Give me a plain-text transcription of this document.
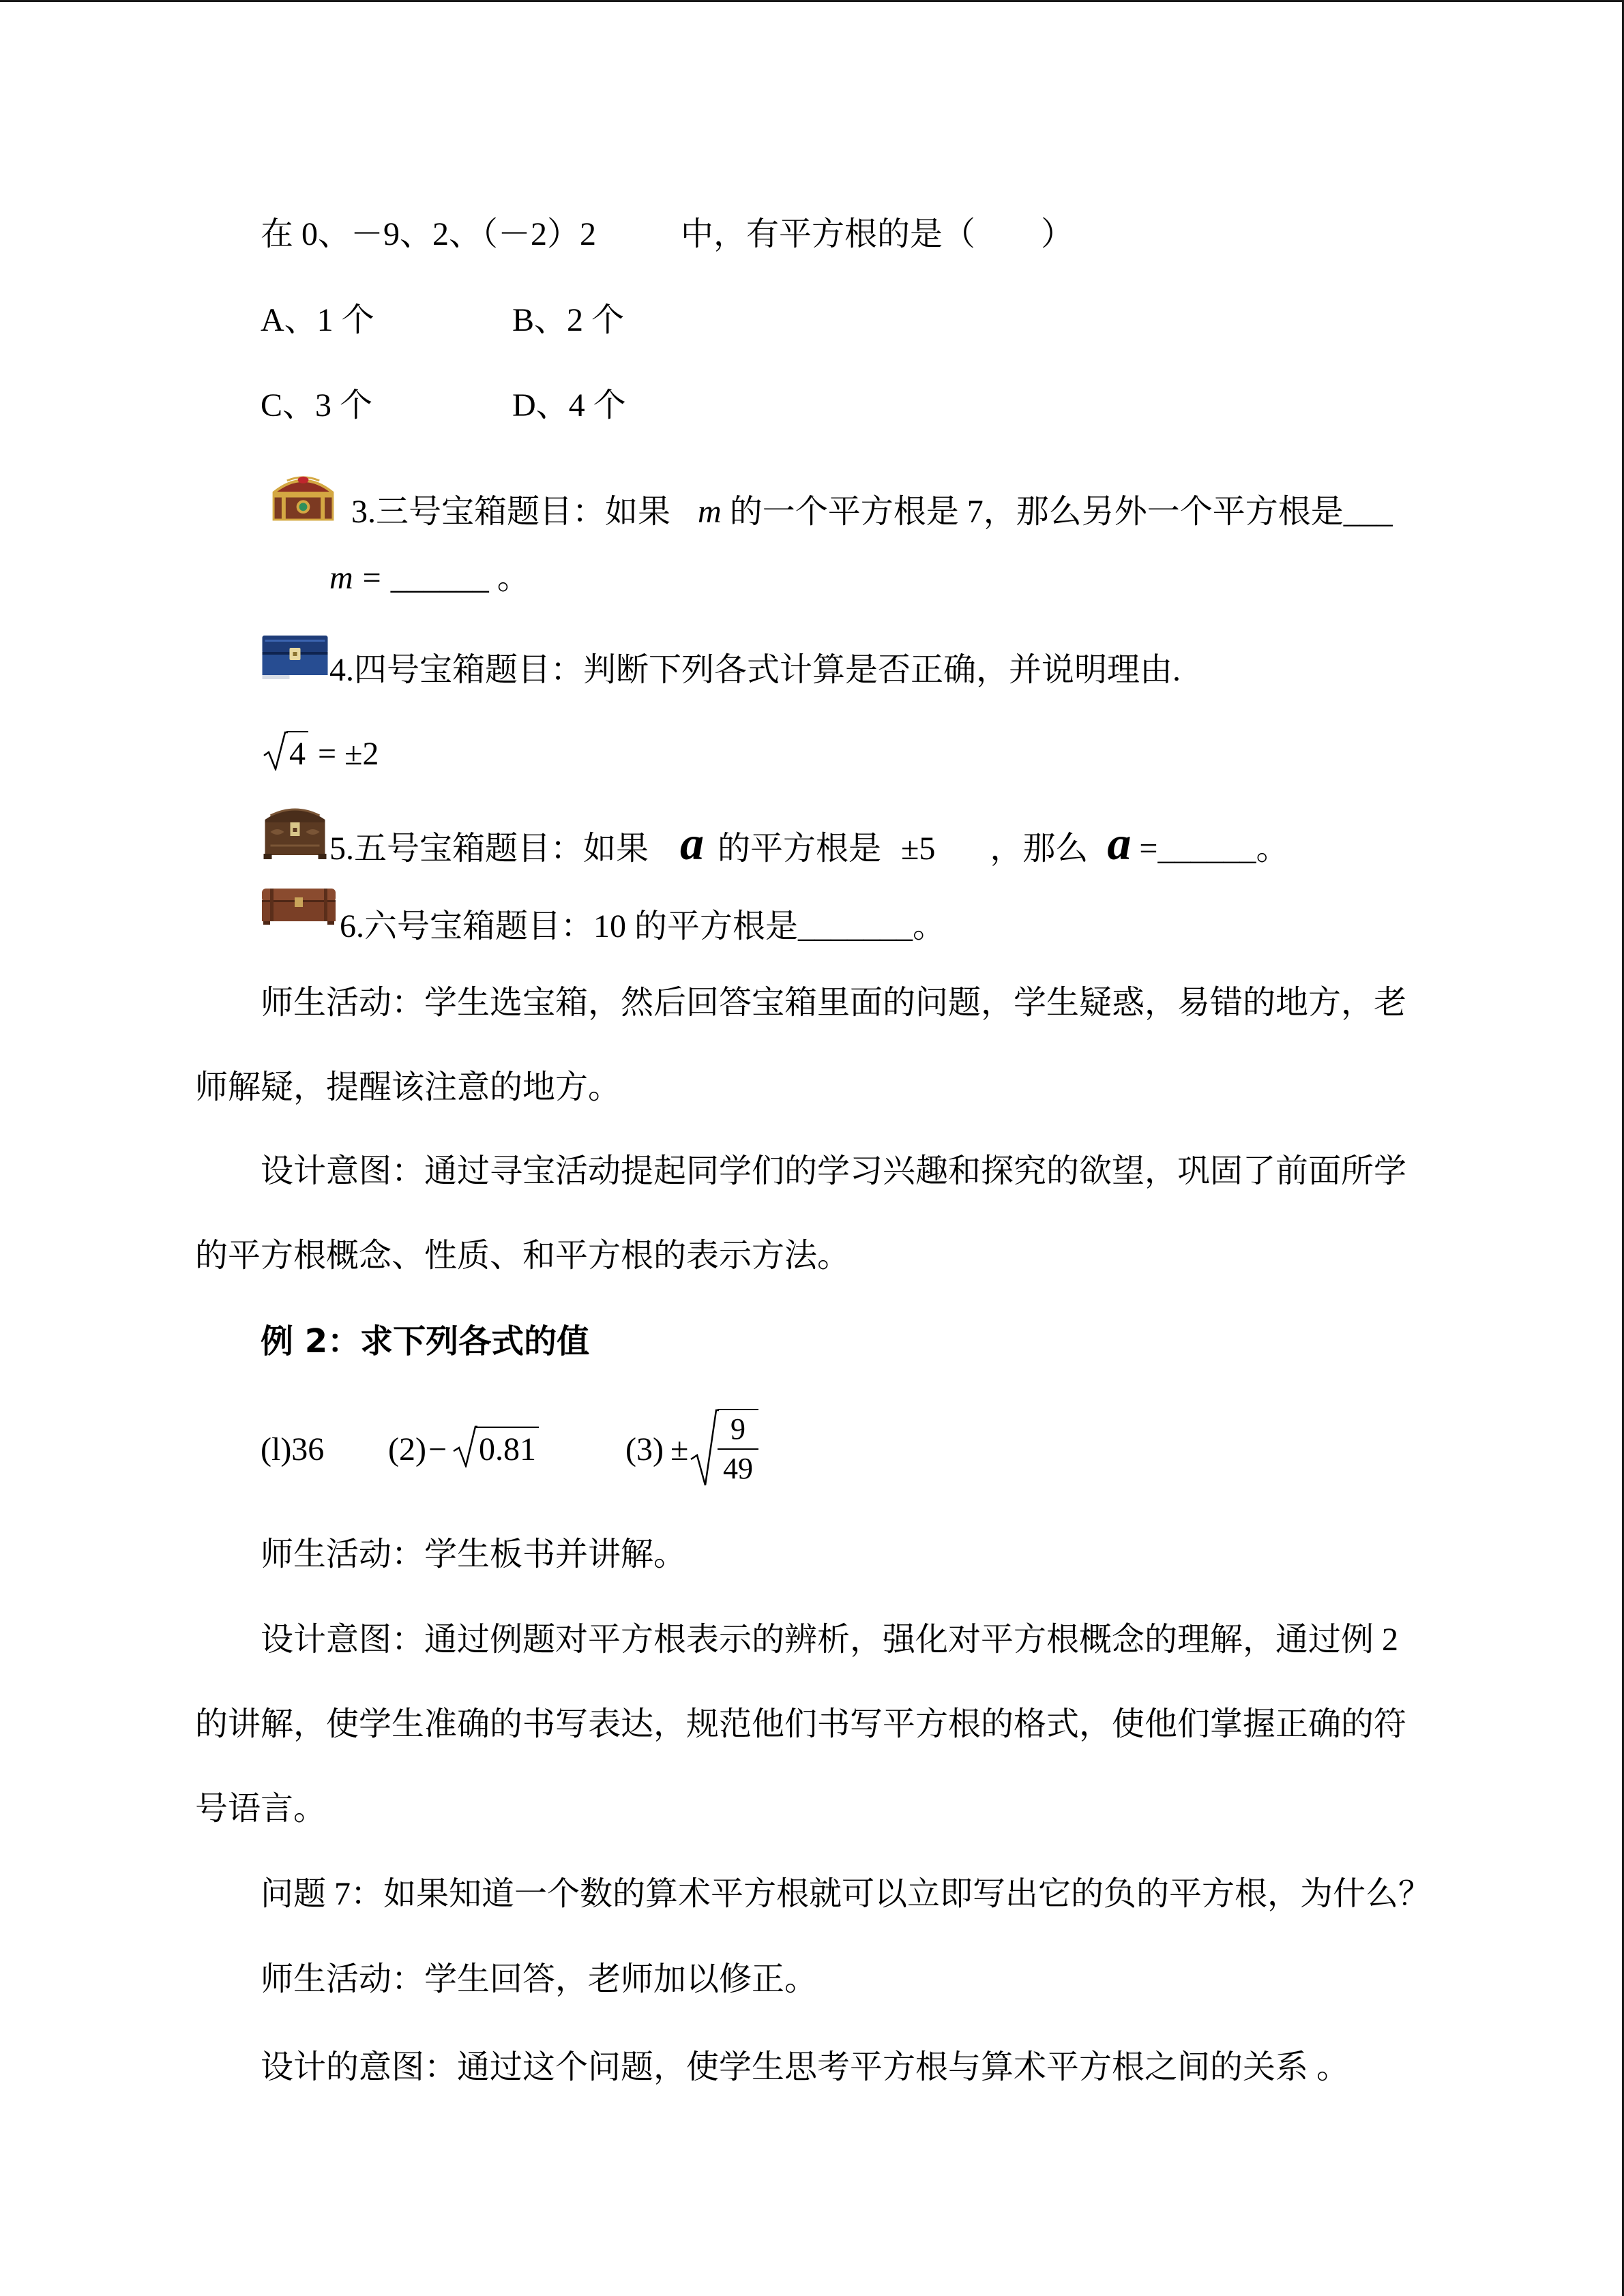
在 0、－9、2、（－2）2	中，有平方根的是（　　）
A、1 个	B、2 个
C、3 个	D、4 个
3.三号宝箱题目：如果 m 的一个平方根是 7，那么另外一个平方根是___
m = ______ 。
4.四号宝箱题目：判断下列各式计算是否正确，并说明理由.
4 = ±2
5.五号宝箱题目：如果 a 的平方根是 ±5 ，那么 a =______。
6.六号宝箱题目：10 的平方根是_______。
师生活动：学生选宝箱，然后回答宝箱里面的问题，学生疑惑，易错的地方，老
师解疑，提醒该注意的地方。
设计意图：通过寻宝活动提起同学们的学习兴趣和探究的欲望，巩固了前面所学
的平方根概念、性质、和平方根的表示方法。
例 2：求下列各式的值
(l)36 (2) − 0.81	$(3) \pm \frac{9}{49}$
师生活动：学生板书并讲解。
设计意图：通过例题对平方根表示的辨析，强化对平方根概念的理解，通过例 2
的讲解，使学生准确的书写表达，规范他们书写平方根的格式，使他们掌握正确的符
号语言。
问题 7：如果知道一个数的算术平方根就可以立即写出它的负的平方根，为什么？
师生活动：学生回答，老师加以修正。
设计的意图：通过这个问题，使学生思考平方根与算术平方根之间的关系 。
